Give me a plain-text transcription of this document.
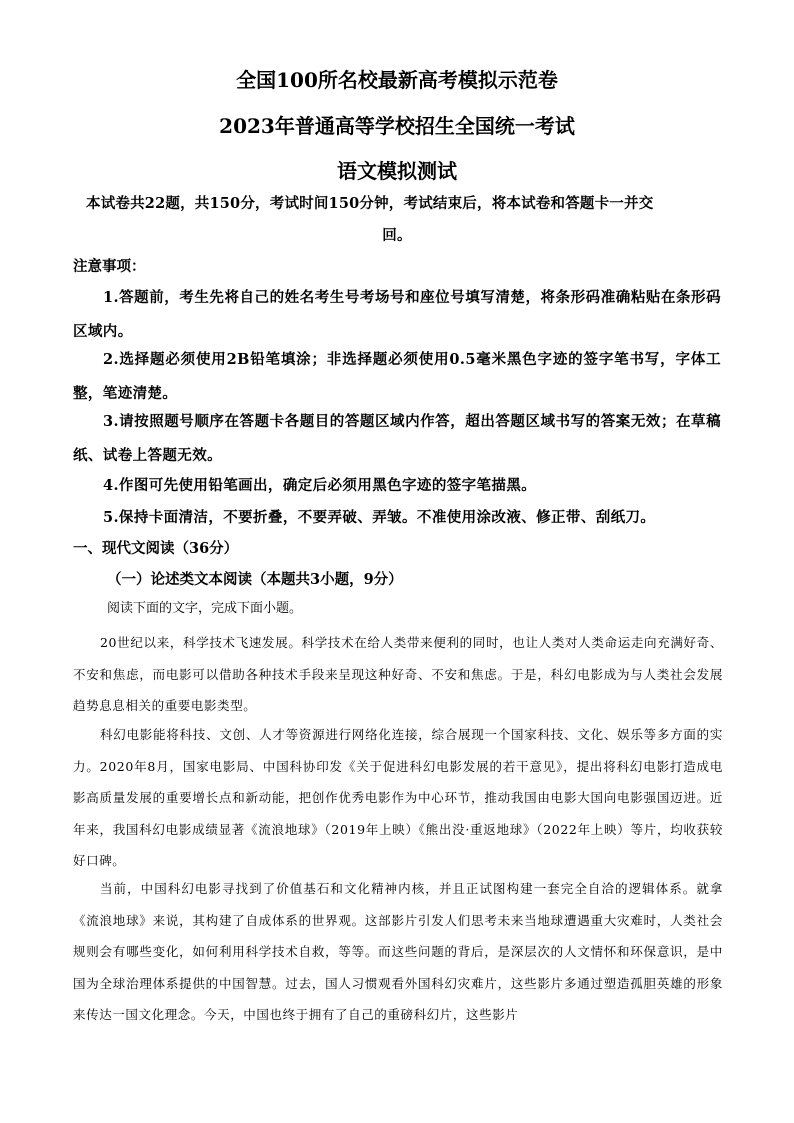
全国100所名校最新高考模拟示范卷
2023年普通高等学校招生全国统一考试
语文模拟测试
本试卷共22题，共150分，考试时间150分钟，考试结束后，将本试卷和答题卡一并交
回。
注意事项：
1.答题前，考生先将自己的姓名考生号考场号和座位号填写清楚，将条形码准确粘贴在条形码区域内。
2.选择题必须使用2B铅笔填涂；非选择题必须使用0.5毫米黑色字迹的签字笔书写，字体工整，笔迹清楚。
3.请按照题号顺序在答题卡各题目的答题区域内作答，超出答题区域书写的答案无效；在草稿纸、试卷上答题无效。
4.作图可先使用铅笔画出，确定后必须用黑色字迹的签字笔描黑。
5.保持卡面清洁，不要折叠，不要弄破、弄皱。不准使用涂改液、修正带、刮纸刀。
一、现代文阅读（36分）
（一）论述类文本阅读（本题共3小题，9分）
阅读下面的文字，完成下面小题。
20世纪以来，科学技术飞速发展。科学技术在给人类带来便利的同时，也让人类对人类命运走向充满好奇、不安和焦虑，而电影可以借助各种技术手段来呈现这种好奇、不安和焦虑。于是，科幻电影成为与人类社会发展趋势息息相关的重要电影类型。
科幻电影能将科技、文创、人才等资源进行网络化连接，综合展现一个国家科技、文化、娱乐等多方面的实力。2020年8月，国家电影局、中国科协印发《关于促进科幻电影发展的若干意见》，提出将科幻电影打造成电影高质量发展的重要增长点和新动能，把创作优秀电影作为中心环节，推动我国由电影大国向电影强国迈进。近年来，我国科幻电影成绩显著《流浪地球》（2019年上映）《熊出没·重返地球》（2022年上映）等片，均收获较好口碑。
当前，中国科幻电影寻找到了价值基石和文化精神内核，并且正试图构建一套完全自洽的逻辑体系。就拿《流浪地球》来说，其构建了自成体系的世界观。这部影片引发人们思考未来当地球遭遇重大灾难时，人类社会规则会有哪些变化，如何利用科学技术自救，等等。而这些问题的背后，是深层次的人文情怀和环保意识，是中国为全球治理体系提供的中国智慧。过去，国人习惯观看外国科幻灾难片，这些影片多通过塑造孤胆英雄的形象来传达一国文化理念。今天，中国也终于拥有了自己的重磅科幻片，这些影片
